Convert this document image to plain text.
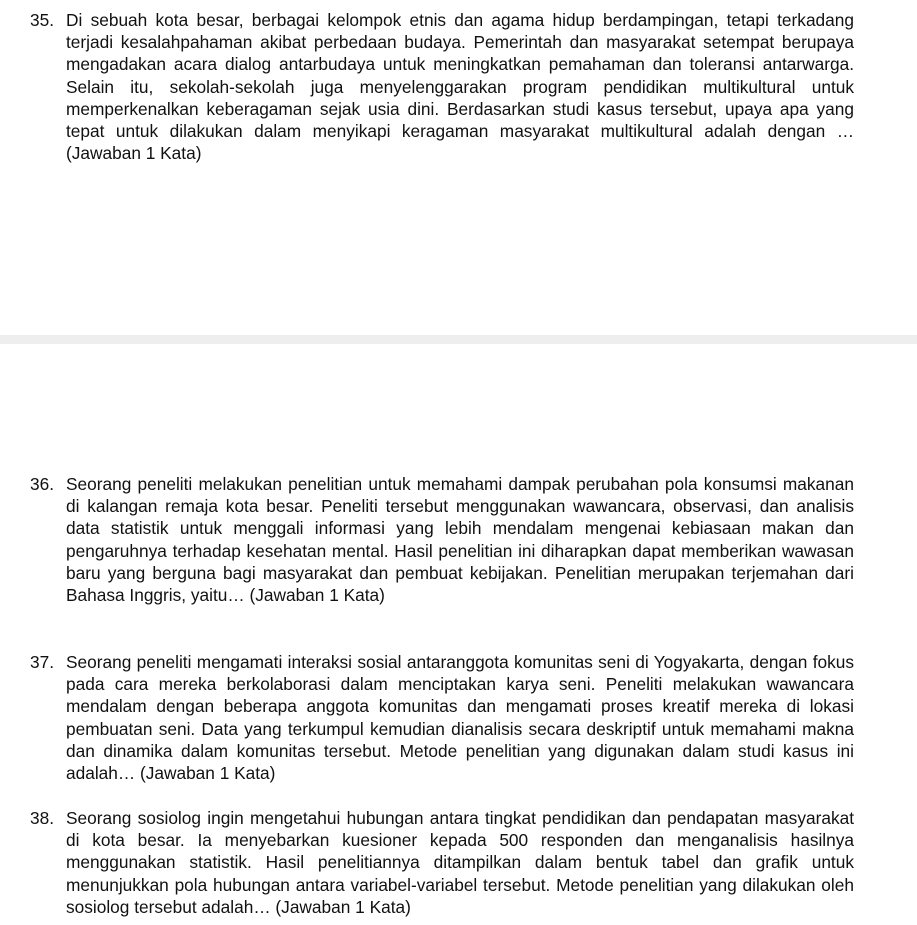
35. Di sebuah kota besar, berbagai kelompok etnis dan agama hidup berdampingan, tetapi terkadang terjadi kesalahpahaman akibat perbedaan budaya. Pemerintah dan masyarakat setempat berupaya mengadakan acara dialog antarbudaya untuk meningkatkan pemahaman dan toleransi antarwarga. Selain itu, sekolah-sekolah juga menyelenggarakan program pendidikan multikultural untuk memperkenalkan keberagaman sejak usia dini. Berdasarkan studi kasus tersebut, upaya apa yang tepat untuk dilakukan dalam menyikapi keragaman masyarakat multikultural adalah dengan … (Jawaban 1 Kata)
36. Seorang peneliti melakukan penelitian untuk memahami dampak perubahan pola konsumsi makanan di kalangan remaja kota besar. Peneliti tersebut menggunakan wawancara, observasi, dan analisis data statistik untuk menggali informasi yang lebih mendalam mengenai kebiasaan makan dan pengaruhnya terhadap kesehatan mental. Hasil penelitian ini diharapkan dapat memberikan wawasan baru yang berguna bagi masyarakat dan pembuat kebijakan. Penelitian merupakan terjemahan dari Bahasa Inggris, yaitu… (Jawaban 1 Kata)
37. Seorang peneliti mengamati interaksi sosial antaranggota komunitas seni di Yogyakarta, dengan fokus pada cara mereka berkolaborasi dalam menciptakan karya seni. Peneliti melakukan wawancara mendalam dengan beberapa anggota komunitas dan mengamati proses kreatif mereka di lokasi pembuatan seni. Data yang terkumpul kemudian dianalisis secara deskriptif untuk memahami makna dan dinamika dalam komunitas tersebut. Metode penelitian yang digunakan dalam studi kasus ini adalah… (Jawaban 1 Kata)
38. Seorang sosiolog ingin mengetahui hubungan antara tingkat pendidikan dan pendapatan masyarakat di kota besar. Ia menyebarkan kuesioner kepada 500 responden dan menganalisis hasilnya menggunakan statistik. Hasil penelitiannya ditampilkan dalam bentuk tabel dan grafik untuk menunjukkan pola hubungan antara variabel-variabel tersebut. Metode penelitian yang dilakukan oleh sosiolog tersebut adalah… (Jawaban 1 Kata)
